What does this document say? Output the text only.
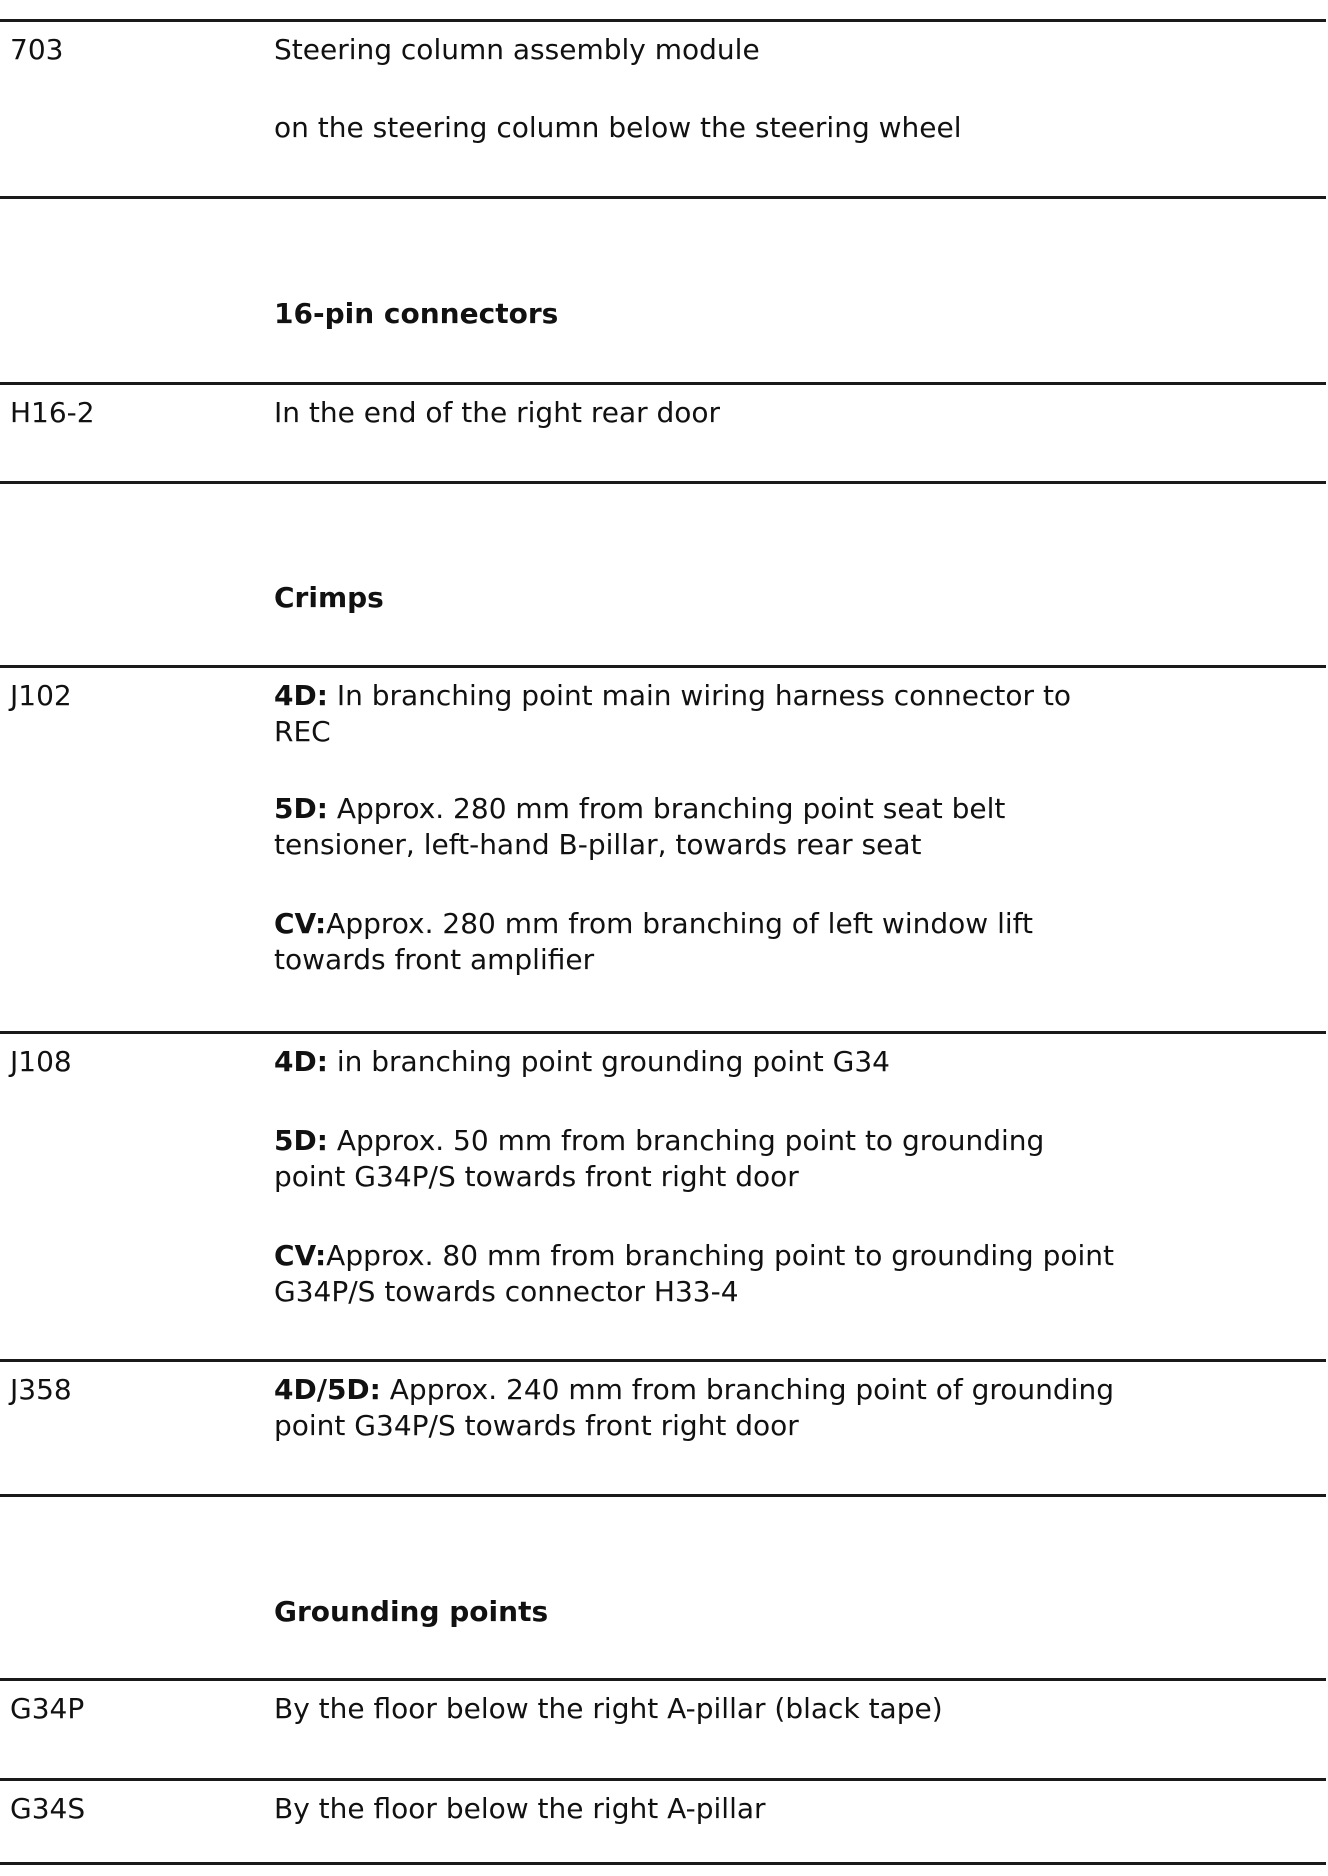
703	Steering column assembly module
on the steering column below the steering wheel
16-pin connectors
H16-2	In the end of the right rear door
Crimps
J102	4D: In branching point main wiring harness connector to REC
5D: Approx. 280 mm from branching point seat belt tensioner, left-hand B-pillar, towards rear seat
CV:Approx. 280 mm from branching of left window lift towards front amplifier
J108	4D: in branching point grounding point G34
5D: Approx. 50 mm from branching point to grounding point G34P/S towards front right door
CV:Approx. 80 mm from branching point to grounding point G34P/S towards connector H33-4
J358	4D/5D: Approx. 240 mm from branching point of grounding point G34P/S towards front right door
Grounding points
G34P	By the floor below the right A-pillar (black tape)
G34S	By the floor below the right A-pillar
